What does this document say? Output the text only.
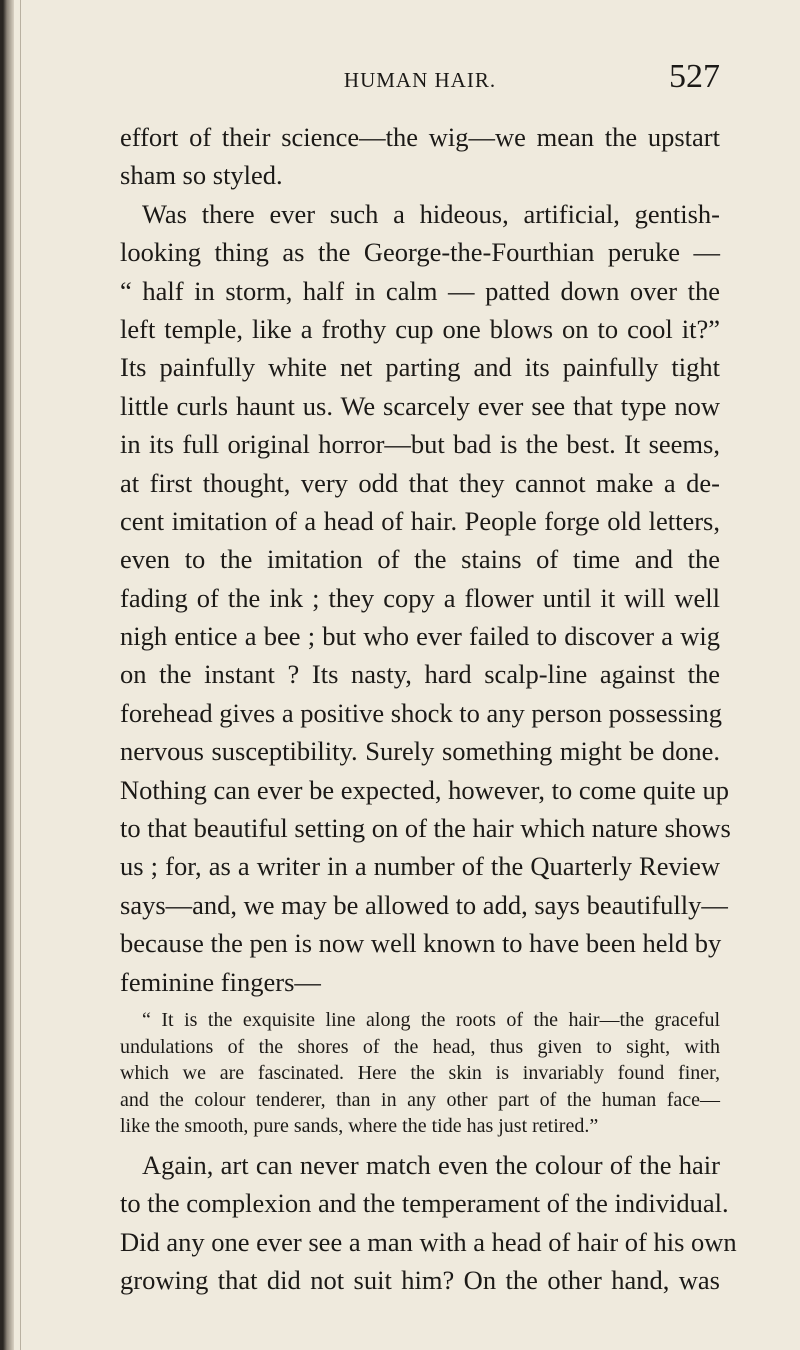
HUMAN HAIR.	527
effort of their science—the wig—we mean the upstart
sham so styled.
Was there ever such a hideous, artificial, gentish-
looking thing as the George-the-Fourthian peruke —
“ half in storm, half in calm — patted down over the
left temple, like a frothy cup one blows on to cool it?”
Its painfully white net parting and its painfully tight
little curls haunt us. We scarcely ever see that type now
in its full original horror—but bad is the best. It seems,
at first thought, very odd that they cannot make a de-
cent imitation of a head of hair. People forge old letters,
even to the imitation of the stains of time and the
fading of the ink ; they copy a flower until it will well
nigh entice a bee ; but who ever failed to discover a wig
on the instant ? Its nasty, hard scalp-line against the
forehead gives a positive shock to any person possessing
nervous susceptibility. Surely something might be done.
Nothing can ever be expected, however, to come quite up
to that beautiful setting on of the hair which nature shows
us ; for, as a writer in a number of the Quarterly Review
says—and, we may be allowed to add, says beautifully—
because the pen is now well known to have been held by
feminine fingers—
“ It is the exquisite line along the roots of the hair—the graceful
undulations of the shores of the head, thus given to sight, with
which we are fascinated. Here the skin is invariably found finer,
and the colour tenderer, than in any other part of the human face—
like the smooth, pure sands, where the tide has just retired.”
Again, art can never match even the colour of the hair
to the complexion and the temperament of the individual.
Did any one ever see a man with a head of hair of his own
growing that did not suit him? On the other hand, was
